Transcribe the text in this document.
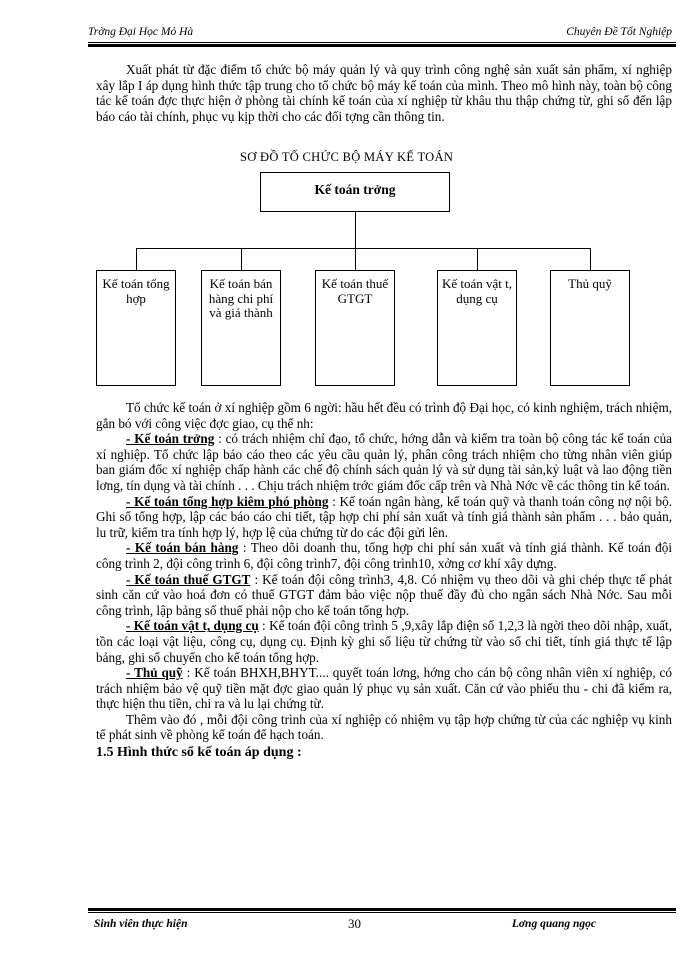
Trờng Đại Học Mỏ Hà	Chuyên Đề Tốt Nghiệp

Xuất phát từ đặc điểm tổ chức bộ máy quản lý và quy trình công nghệ sản xuất sản phẩm, xí nghiệp xây lắp I áp dụng hình thức tập trung cho tổ chức bộ máy kế toán của mình. Theo mô hình này, toàn bộ công tác kế toán đợc thực hiện ở phòng tài chính kế toán của xí nghiệp từ khâu thu thập chứng từ, ghi sổ đến lập báo cáo tài chính, phục vụ kịp thời cho các đối tợng cần thông tin.

SƠ ĐỒ TỔ CHỨC BỘ MÁY KẾ TOÁN
Kế toán trởng
Kế toán tổng hợp
Kế toán bán hàng chi phí và giá thành
Kế toán thuế GTGT
Kế toán vật t, dụng cụ
Thủ quỹ

Tổ chức kế toán ở xí nghiệp gồm 6 ngời: hầu hết đều có trình độ Đại học, có kinh nghiệm, trách nhiệm, gắn bó với công việc đợc giao, cụ thể nh:

- Kế toán trởng : có trách nhiệm chỉ đạo, tổ chức, hớng dẫn và kiểm tra toàn bộ công tác kế toán của xí nghiệp. Tổ chức lập báo cáo theo các yêu cầu quản lý, phân công trách nhiệm cho từng nhân viên giúp ban giám đốc xí nghiệp chấp hành các chế độ chính sách quản lý và sử dụng tài sản,kỷ luật và lao động tiền lơng, tín dụng và tài chính . . . Chịu trách nhiệm trớc giám đốc cấp trên và Nhà Nớc về các thông tin kế toán.

- Kế toán tổng hợp kiêm phó phòng : Kế toán ngân hàng, kế toán quỹ và thanh toán công nợ nội bộ. Ghi sổ tổng hợp, lập các báo cáo chi tiết, tập hợp chi phí sản xuất và tính giá thành sản phẩm . . . bảo quản, lu trữ, kiểm tra tính hợp lý, hợp lệ của chứng từ do các đội gửi lên.

- Kế toán bán hàng : Theo dõi doanh thu, tổng hợp chi phí sản xuất và tính giá thành. Kế toán đội công trình 2, đội công trình 6, đội công trình7, đội công trình10, xởng cơ khí xây dựng.

- Kế toán thuế GTGT : Kế toán đội công trình3, 4,8. Có nhiệm vụ theo dõi và ghi chép thực tế phát sinh căn cứ vào hoá đơn có thuế GTGT đảm bảo việc nộp thuế đầy đủ cho ngân sách Nhà Nớc. Sau mỗi công trình, lập bảng số thuế phải nộp cho kế toán tổng hợp.

- Kế toán vật t, dụng cụ : Kế toán đội công trình 5 ,9,xây lắp điện số 1,2,3 là ngời theo dõi nhập, xuất, tồn các loại vật liệu, công cụ, dụng cụ. Định kỳ ghi số liệu từ chứng từ vào sổ chi tiết, tính giá thực tế lập bảng, ghi sổ chuyển cho kế toán tổng hợp.

- Thủ quỹ : Kế toán BHXH,BHYT.... quyết toán lơng, hớng cho cán bộ công nhân viên xí nghiệp, có trách nhiệm bảo vệ quỹ tiền mặt đợc giao quản lý phục vụ sản xuất. Căn cứ vào phiếu thu - chi đã kiểm ra, thực hiện thu tiền, chi ra và lu lại chứng từ.

Thêm vào đó , mỗi đội công trình của xí nghiệp có nhiệm vụ tập hợp chứng từ của các nghiệp vụ kinh tế phát sinh về phòng kế toán để hạch toán.

1.5 Hình thức sổ kế toán áp dụng :

Sinh viên thực hiện	30	Lơng quang ngọc
